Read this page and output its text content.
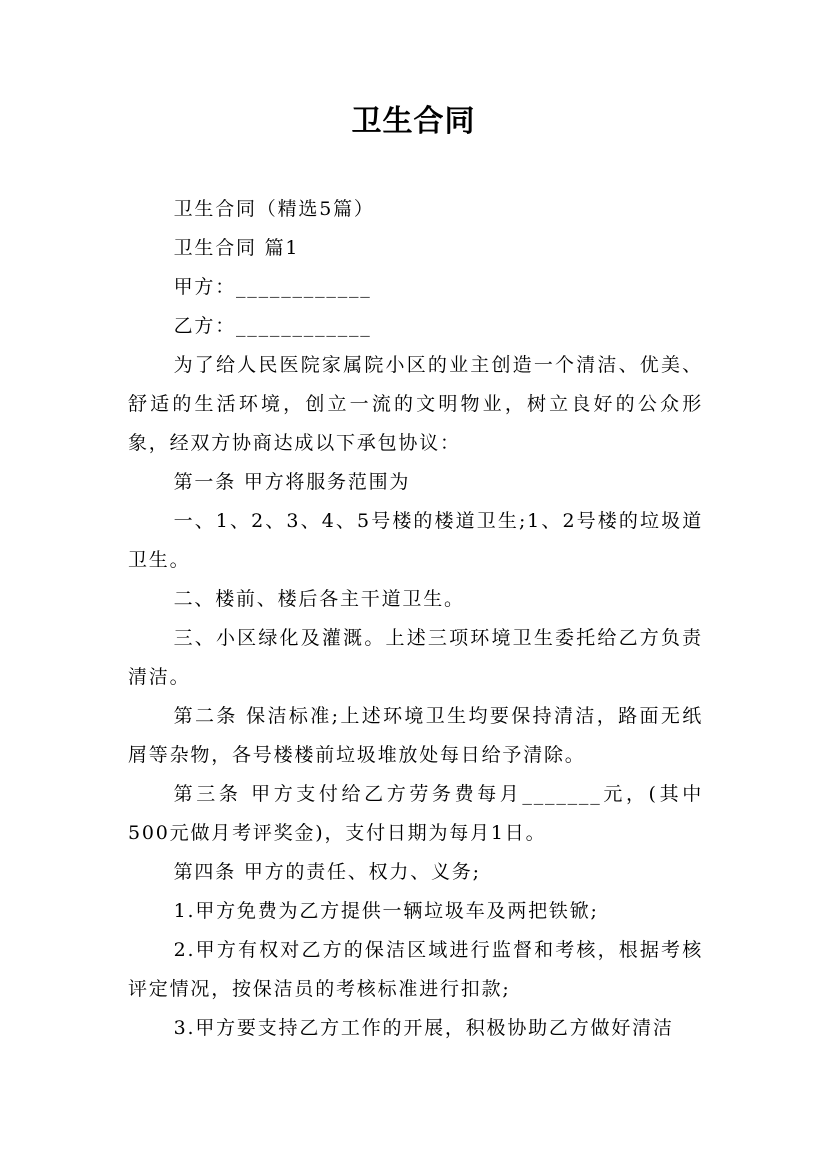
卫生合同

卫生合同（精选5篇）

卫生合同 篇1

甲方：____________

乙方：____________

为了给人民医院家属院小区的业主创造一个清洁、优美、舒适的生活环境，创立一流的文明物业，树立良好的公众形象，经双方协商达成以下承包协议：

第一条 甲方将服务范围为

一、1、2、3、4、5号楼的楼道卫生;1、2号楼的垃圾道卫生。

二、楼前、楼后各主干道卫生。

三、小区绿化及灌溉。上述三项环境卫生委托给乙方负责清洁。

第二条 保洁标准;上述环境卫生均要保持清洁，路面无纸屑等杂物，各号楼楼前垃圾堆放处每日给予清除。

第三条 甲方支付给乙方劳务费每月_______元，(其中500元做月考评奖金)，支付日期为每月1日。

第四条 甲方的责任、权力、义务;

1.甲方免费为乙方提供一辆垃圾车及两把铁锨;

2.甲方有权对乙方的保洁区域进行监督和考核，根据考核评定情况，按保洁员的考核标准进行扣款;

3.甲方要支持乙方工作的开展，积极协助乙方做好清洁
